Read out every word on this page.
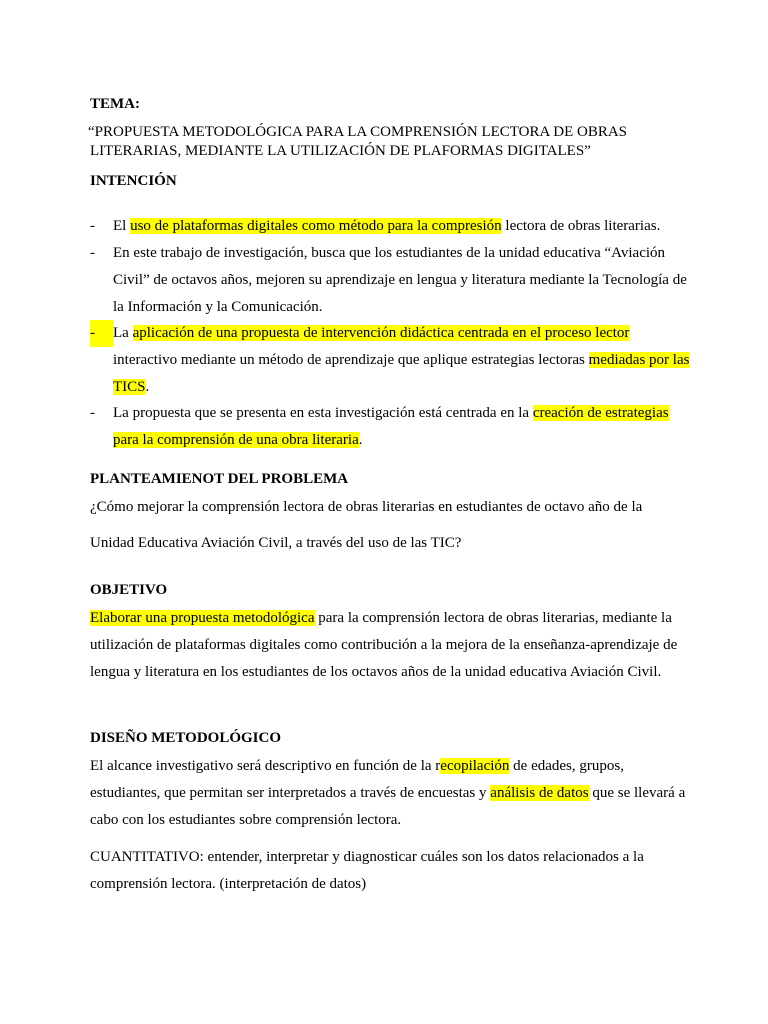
TEMA:
“PROPUESTA METODOLÓGICA PARA LA COMPRENSIÓN LECTORA DE OBRAS
LITERARIAS, MEDIANTE LA UTILIZACIÓN DE PLAFORMAS DIGITALES”
INTENCIÓN
-	El uso de plataformas digitales como método para la compresión lectora de obras literarias.
-	En este trabajo de investigación, busca que los estudiantes de la unidad educativa “Aviación Civil” de octavos años, mejoren su aprendizaje en lengua y literatura mediante la Tecnología de la Información y la Comunicación.
-	La aplicación de una propuesta de intervención didáctica centrada en el proceso lector interactivo mediante un método de aprendizaje que aplique estrategias lectoras mediadas por las TICS.
-	La propuesta que se presenta en esta investigación está centrada en la creación de estrategias para la comprensión de una obra literaria.
PLANTEAMIENOT DEL PROBLEMA
¿Cómo mejorar la comprensión lectora de obras literarias en estudiantes de octavo año de la
Unidad Educativa Aviación Civil, a través del uso de las TIC?
OBJETIVO
Elaborar una propuesta metodológica para la comprensión lectora de obras literarias, mediante la utilización de plataformas digitales como contribución a la mejora de la enseñanza-aprendizaje de lengua y literatura en los estudiantes de los octavos años de la unidad educativa Aviación Civil.
DISEÑO METODOLÓGICO
El alcance investigativo será descriptivo en función de la recopilación de edades, grupos, estudiantes, que permitan ser interpretados a través de encuestas y análisis de datos que se llevará a cabo con los estudiantes sobre comprensión lectora.
CUANTITATIVO: entender, interpretar y diagnosticar cuáles son los datos relacionados a la comprensión lectora. (interpretación de datos)
